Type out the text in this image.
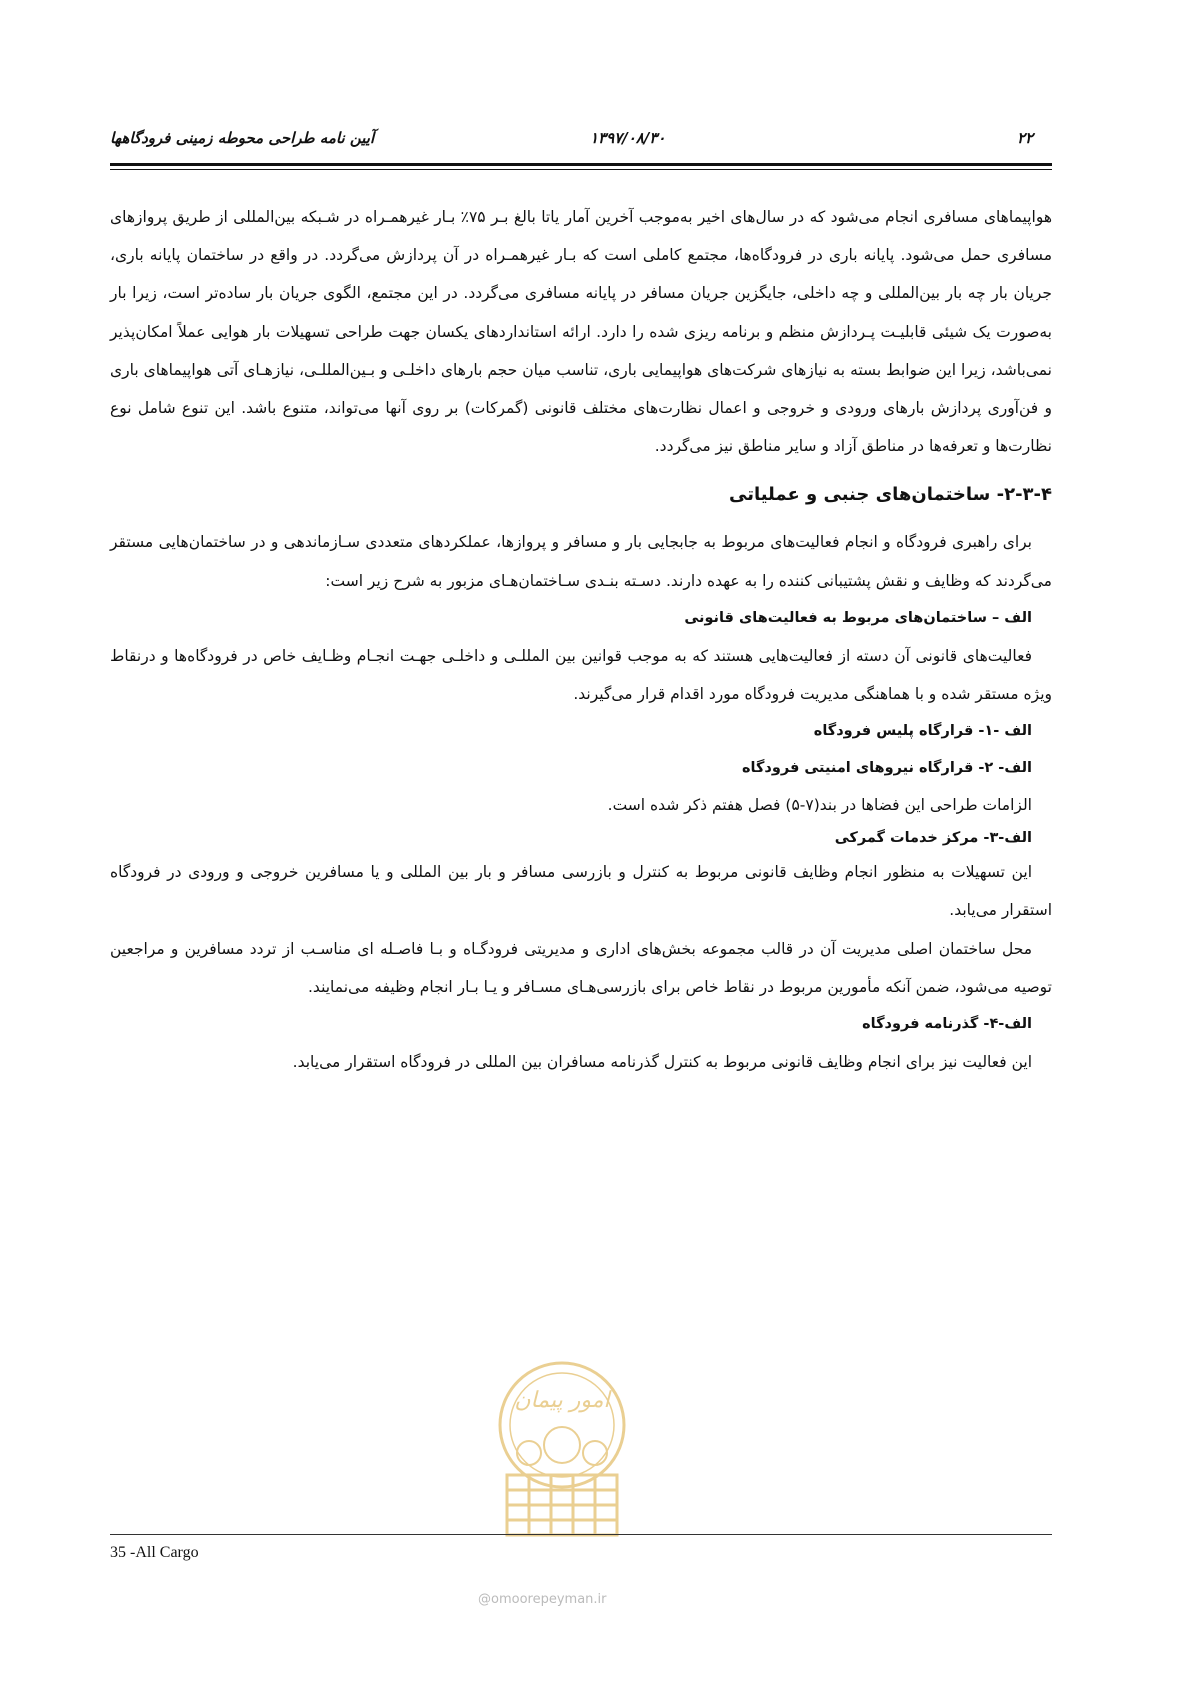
آیین نامه طراحی محوطه زمینی فرودگاهها	۱۳۹۷/۰۸/۳۰	۲۲

هواپیماهای مسافری انجام می‌شود که در سال‌های اخیر به‌موجب آخرین آمار یاتا بالغ بـر ۷۵٪ بـار غیرهمـراه در شـبکه بین‌المللی از طریق پروازهای مسافری حمل می‌شود. پایانه باری در فرودگاه‌ها، مجتمع کاملی است که بـار غیرهمـراه در آن پردازش می‌گردد. در واقع در ساختمان پایانه باری، جریان بار چه بار بین‌المللی و چه داخلی، جایگزین جریان مسافر در پایانه مسافری می‌گردد. در این مجتمع، الگوی جریان بار ساده‌تر است، زیرا بار به‌صورت یک شیئی قابلیـت پـردازش منظم و برنامه ریزی شده را دارد. ارائه استانداردهای یکسان جهت طراحی تسهیلات بار هوایی عملاً امکان‌پذیر نمی‌باشد، زیرا این ضوابط بسته به نیازهای شرکت‌های هواپیمایی باری، تناسب میان حجم بارهای داخلـی و بـین‌المللـی، نیازهـای آتی هواپیماهای باری و فن‌آوری پردازش بارهای ورودی و خروجی و اعمال نظارت‌های مختلف قانونی (گمرکات) بر روی آنها می‌تواند، متنوع باشد. این تنوع شامل نوع نظارت‌ها و تعرفه‌ها در مناطق آزاد و سایر مناطق نیز می‌گردد.

۲-۳-۴- ساختمان‌های جنبی و عملیاتی

برای راهبری فرودگاه و انجام فعالیت‌های مربوط به جابجایی بار و مسافر و پروازها، عملکردهای متعددی سـازماندهی و در ساختمان‌هایی مستقر می‌گردند که وظایف و نقش پشتیبانی کننده را به عهده دارند. دسـته بنـدی سـاختمان‌هـای مزبور به شرح زیر است:

الف – ساختمان‌های مربوط به فعالیت‌های قانونی

فعالیت‌های قانونی آن دسته از فعالیت‌هایی هستند که به موجب قوانین بین المللـی و داخلـی جهـت انجـام وظـایف خاص در فرودگاه‌ها و درنقاط ویژه مستقر شده و با هماهنگی مدیریت فرودگاه مورد اقدام قرار می‌گیرند.

الف -۱- قرارگاه پلیس فرودگاه

الف- ۲- قرارگاه نیروهای امنیتی فرودگاه

الزامات طراحی این فضاها در بند(۷-۵) فصل هفتم ذکر شده است.

الف-۳- مرکز خدمات گمرکی

این تسهیلات به منظور انجام وظایف قانونی مربوط به کنترل و بازرسی مسافر و بار بین المللی و یا مسافرین خروجی و ورودی در فرودگاه استقرار می‌یابد.

محل ساختمان اصلی مدیریت آن در قالب مجموعه بخش‌های اداری و مدیریتی فرودگـاه و بـا فاصـله ای مناسـب از تردد مسافرین و مراجعین توصیه می‌شود، ضمن آنکه مأمورین مربوط در نقاط خاص برای بازرسی‌هـای مسـافر و یـا بـار انجام وظیفه می‌نمایند.

الف-۴- گذرنامه فرودگاه

این فعالیت نیز برای انجام وظایف قانونی مربوط به کنترل گذرنامه مسافران بین المللی در فرودگاه استقرار می‌یابد.

امور پیمان
35 -All Cargo
@omoorepeyman.ir
